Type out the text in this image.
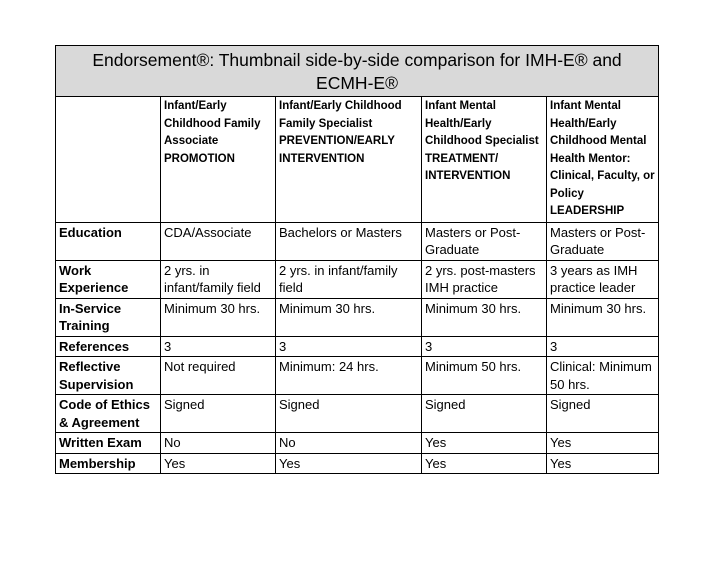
Endorsement®: Thumbnail side-by-side comparison for IMH-E® and ECMH-E®				
	Infant/Early Childhood Family Associate PROMOTION	Infant/Early Childhood Family Specialist PREVENTION/EARLY INTERVENTION	Infant Mental Health/Early Childhood Specialist TREATMENT/ INTERVENTION	Infant Mental Health/Early Childhood Mental Health Mentor: Clinical, Faculty, or Policy LEADERSHIP
Education	CDA/Associate	Bachelors or Masters	Masters or Post-Graduate	Masters or Post-Graduate
Work Experience	2 yrs. in infant/family field	2 yrs. in infant/family field	2 yrs. post-masters IMH practice	3 years as IMH practice leader
In-Service Training	Minimum 30 hrs.	Minimum 30 hrs.	Minimum 30 hrs.	Minimum 30 hrs.
References	3	3	3	3
Reflective Supervision	Not required	Minimum: 24 hrs.	Minimum 50 hrs.	Clinical: Minimum 50 hrs.
Code of Ethics & Agreement	Signed	Signed	Signed	Signed
Written Exam	No	No	Yes	Yes
Membership	Yes	Yes	Yes	Yes
